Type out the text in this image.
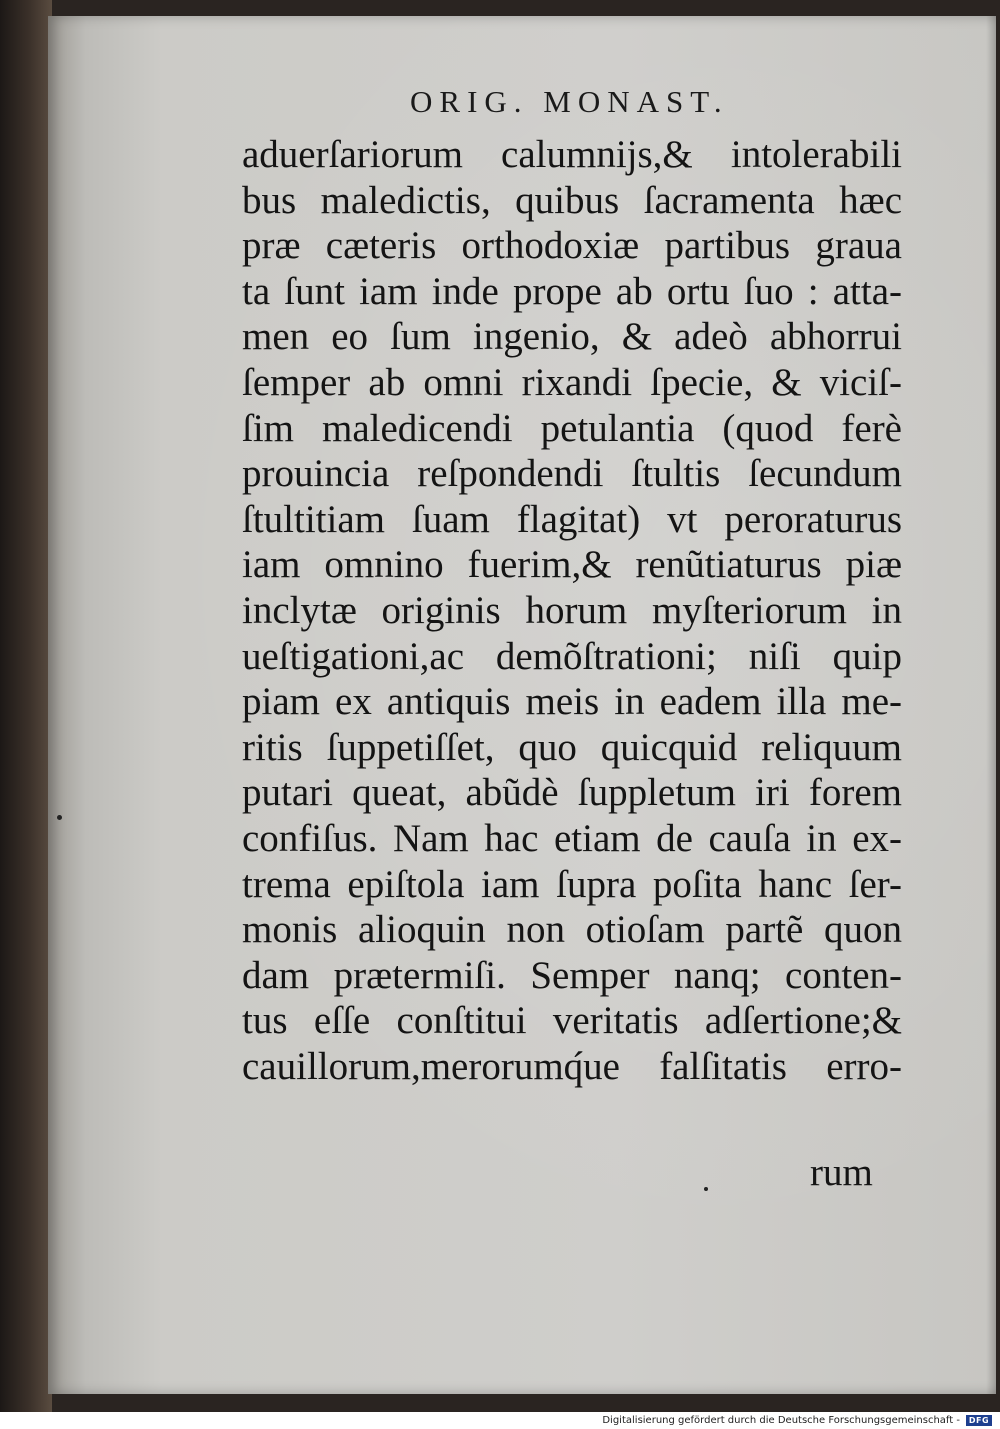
ORIG. MONAST.
aduerſariorum calumnijs,& intolerabili
bus maledictis, quibus ſacramenta hæc
præ cæteris orthodoxiæ partibus graua
ta ſunt iam inde prope ab ortu ſuo : atta-
men eo ſum ingenio, & adeò abhorrui
ſemper ab omni rixandi ſpecie, & viciſ-
ſim maledicendi petulantia (quod ferè
prouincia reſpondendi ſtultis ſecundum
ſtultitiam ſuam flagitat) vt peroraturus
iam omnino fuerim,& renũtiaturus piæ
inclytæ originis horum myſteriorum in
ueſtigationi,ac demõſtrationi; niſi quip
piam ex antiquis meis in eadem illa me-
ritis ſuppetiſſet, quo quicquid reliquum
putari queat, abũdè ſuppletum iri forem
confiſus. Nam hac etiam de cauſa in ex-
trema epiſtola iam ſupra poſita hanc ſer-
monis alioquin non otioſam partẽ quon
dam prætermiſi. Semper nanq; conten-
tus eſſe conſtitui veritatis adſertione;&
cauillorum,merorumq́ue falſitatis erro-
rum
Digitalisierung gefördert durch die Deutsche Forschungsgemeinschaft -	DFG
